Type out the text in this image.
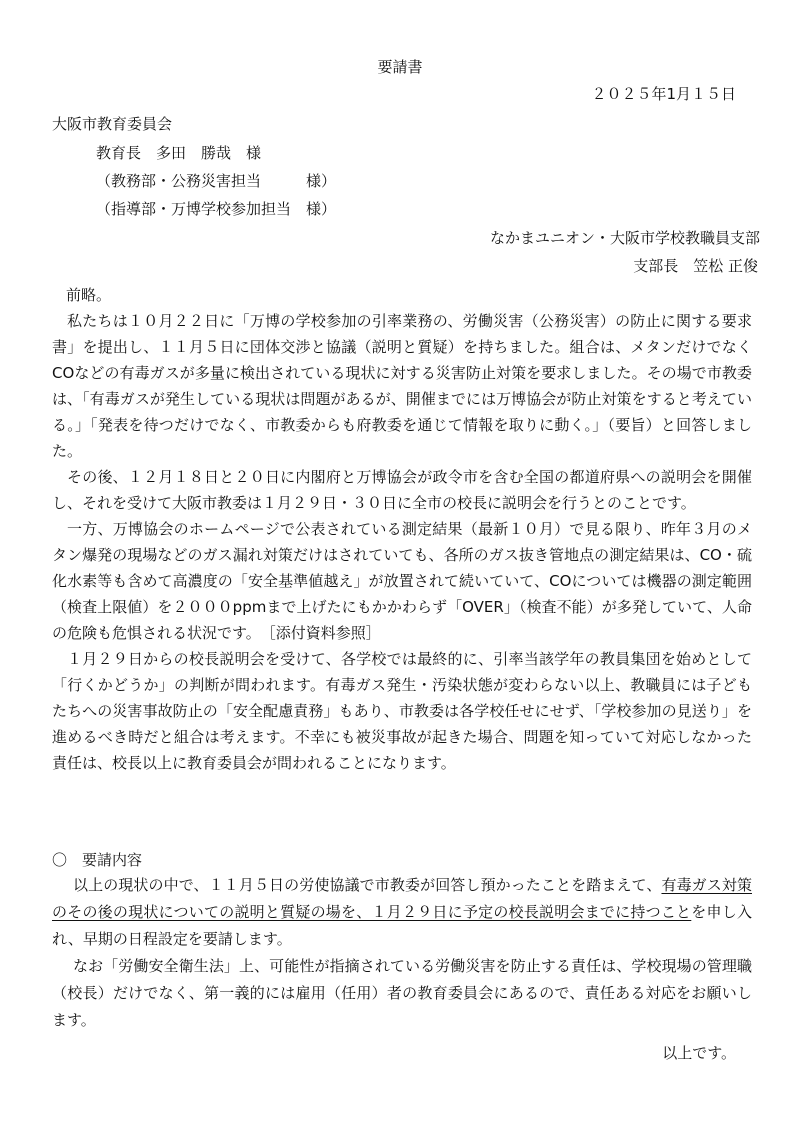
要請書
２０２５年1月１５日
大阪市教育委員会
教育長　多田　勝哉　様
（教務部・公務災害担当　　　様）
（指導部・万博学校参加担当　様）
なかまユニオン・大阪市学校教職員支部
支部長　笠松 正俊
前略。

私たちは１０月２２日に「万博の学校参加の引率業務の、労働災害（公務災害）の防止に関する要求書」を提出し、１１月５日に団体交渉と協議（説明と質疑）を持ちました。組合は、メタンだけでなくCOなどの有毒ガスが多量に検出されている現状に対する災害防止対策を要求しました。その場で市教委は、「有毒ガスが発生している現状は問題があるが、開催までには万博協会が防止対策をすると考えている。」「発表を待つだけでなく、市教委からも府教委を通じて情報を取りに動く。」（要旨）と回答しました。

その後、１２月１８日と２０日に内閣府と万博協会が政令市を含む全国の都道府県への説明会を開催し、それを受けて大阪市教委は１月２９日・３０日に全市の校長に説明会を行うとのことです。

一方、万博協会のホームページで公表されている測定結果（最新１０月）で見る限り、昨年３月のメタン爆発の現場などのガス漏れ対策だけはされていても、各所のガス抜き管地点の測定結果は、CO・硫化水素等も含めて高濃度の「安全基準値越え」が放置されて続いていて、COについては機器の測定範囲（検査上限値）を２０００ppmまで上げたにもかかわらず「OVER」（検査不能）が多発していて、人命の危険も危惧される状況です。　［添付資料参照］

１月２９日からの校長説明会を受けて、各学校では最終的に、引率当該学年の教員集団を始めとして「行くかどうか」の判断が問われます。有毒ガス発生・汚染状態が変わらない以上、教職員には子どもたちへの災害事故防止の「安全配慮責務」もあり、市教委は各学校任せにせず、「学校参加の見送り」を進めるべき時だと組合は考えます。不幸にも被災事故が起きた場合、問題を知っていて対応しなかった責任は、校長以上に教育委員会が問われることになります。

〇　要請内容

以上の現状の中で、１１月５日の労使協議で市教委が回答し預かったことを踏まえて、有毒ガス対策のその後の現状についての説明と質疑の場を、１月２９日に予定の校長説明会までに持つことを申し入れ、早期の日程設定を要請します。

なお「労働安全衛生法」上、可能性が指摘されている労働災害を防止する責任は、学校現場の管理職（校長）だけでなく、第一義的には雇用（任用）者の教育委員会にあるので、責任ある対応をお願いします。

以上です。
